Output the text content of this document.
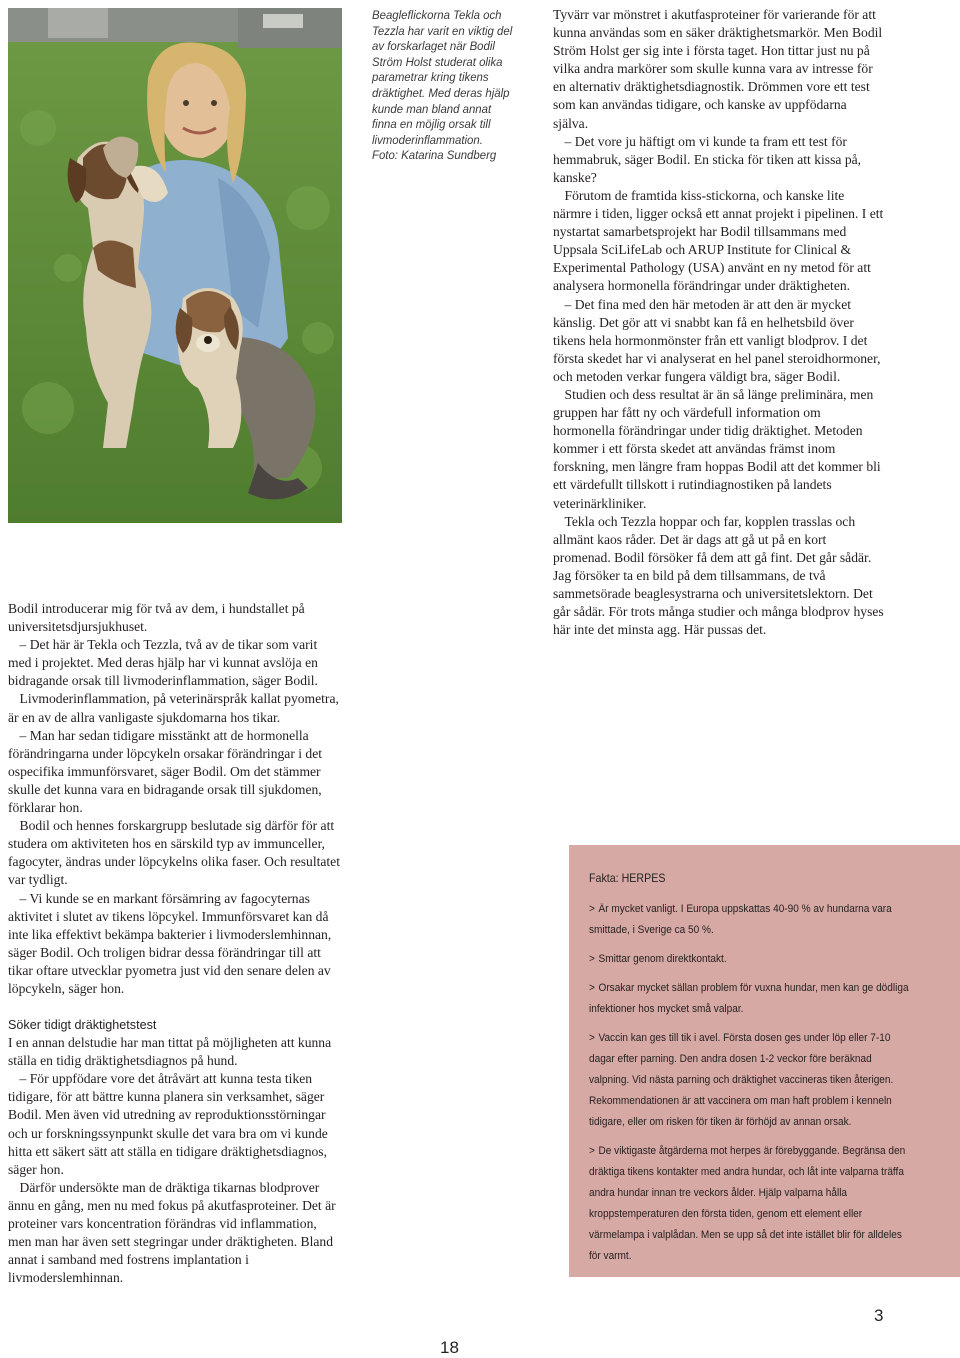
Beagleflickorna Tekla och

Tezzla har varit en viktig del

av forskarlaget när Bodil

Ström Holst studerat olika

parametrar kring tikens

dräktighet. Med deras hjälp

kunde man bland annat

finna en möjlig orsak till

livmoderinflammation.

Foto: Katarina Sundberg

Bodil introducerar mig för två av dem, i hundstallet på universitetsdjursjukhuset.

– Det här är Tekla och Tezzla, två av de tikar som varit med i projektet. Med deras hjälp har vi kunnat avslöja en bidragande orsak till livmoderinflammation, säger Bodil.

Livmoderinflammation, på veterinärspråk kallat pyometra, är en av de allra vanligaste sjukdomarna hos tikar.

– Man har sedan tidigare misstänkt att de hormonella förändringarna under löpcykeln orsakar förändringar i det ospecifika immunförsvaret, säger Bodil. Om det stämmer skulle det kunna vara en bidragande orsak till sjukdomen, förklarar hon.

Bodil och hennes forskargrupp beslutade sig därför för att studera om aktiviteten hos en särskild typ av immunceller, fagocyter, ändras under löpcykelns olika faser. Och resultatet var tydligt.

– Vi kunde se en markant försämring av fagocyternas aktivitet i slutet av tikens löpcykel. Immunförsvaret kan då inte lika effektivt bekämpa bakterier i livmoderslemhinnan, säger Bodil. Och troligen bidrar dessa förändringar till att tikar oftare utvecklar pyometra just vid den senare delen av löpcykeln, säger hon.

Söker tidigt dräktighetstest

I en annan delstudie har man tittat på möjligheten att kunna ställa en tidig dräktighetsdiagnos på hund.

– För uppfödare vore det åtråvärt att kunna testa tiken tidigare, för att bättre kunna planera sin verksamhet, säger Bodil. Men även vid utredning av reproduktionsstörningar och ur forskningssynpunkt skulle det vara bra om vi kunde hitta ett säkert sätt att ställa en tidigare dräktighetsdiagnos, säger hon.

Därför undersökte man de dräktiga tikarnas blodprover ännu en gång, men nu med fokus på akutfasproteiner. Det är proteiner vars koncentration förändras vid inflammation, men man har även sett stegringar under dräktigheten. Bland annat i samband med fostrens implantation i livmoderslemhinnan.

Tyvärr var mönstret i akutfasproteiner för varierande för att kunna användas som en säker dräktighetsmarkör. Men Bodil Ström Holst ger sig inte i första taget. Hon tittar just nu på vilka andra markörer som skulle kunna vara av intresse för en alternativ dräktighetsdiagnostik. Drömmen vore ett test som kan användas tidigare, och kanske av uppfödarna själva.

– Det vore ju häftigt om vi kunde ta fram ett test för hemmabruk, säger Bodil. En sticka för tiken att kissa på, kanske?

Förutom de framtida kiss-stickorna, och kanske lite närmre i tiden, ligger också ett annat projekt i pipelinen. I ett nystartat samarbetsprojekt har Bodil tillsammans med Uppsala SciLifeLab och ARUP Institute for Clinical & Experimental Pathology (USA) använt en ny metod för att analysera hormonella förändringar under dräktigheten.

– Det fina med den här metoden är att den är mycket känslig. Det gör att vi snabbt kan få en helhetsbild över tikens hela hormonmönster från ett vanligt blodprov. I det första skedet har vi analyserat en hel panel steroidhormoner, och metoden verkar fungera väldigt bra, säger Bodil.

Studien och dess resultat är än så länge preliminära, men gruppen har fått ny och värdefull information om hormonella förändringar under tidig dräktighet. Metoden kommer i ett första skedet att användas främst inom forskning, men längre fram hoppas Bodil att det kommer bli ett värdefullt tillskott i rutindiagnostiken på landets veterinärkliniker.

Tekla och Tezzla hoppar och far, kopplen trasslas och allmänt kaos råder. Det är dags att gå ut på en kort promenad. Bodil försöker få dem att gå fint. Det går sådär. Jag försöker ta en bild på dem tillsammans, de två sammetsörade beaglesystrarna och universitetslektorn. Det går sådär. För trots många studier och många blodprov hyses här inte det minsta agg. Här pussas det.

Fakta: HERPES
> Är mycket vanligt. I Europa uppskattas 40-90 % av hundarna vara smittade, i Sverige ca 50 %.
> Smittar genom direktkontakt.
> Orsakar mycket sällan problem för vuxna hundar, men kan ge dödliga infektioner hos mycket små valpar.
> Vaccin kan ges till tik i avel. Första dosen ges under löp eller 7-10 dagar efter parning. Den andra dosen 1-2 veckor före beräknad valpning. Vid nästa parning och dräktighet vaccineras tiken återigen. Rekommendationen är att vaccinera om man haft problem i kenneln tidigare, eller om risken för tiken är förhöjd av annan orsak.
> De viktigaste åtgärderna mot herpes är förebyggande. Begränsa den dräktiga tikens kontakter med andra hundar, och låt inte valparna träffa andra hundar innan tre veckors ålder. Hjälp valparna hålla kroppstemperaturen den första tiden, genom ett element eller värmelampa i valplådan. Men se upp så det inte istället blir för alldeles för varmt.
18
3
